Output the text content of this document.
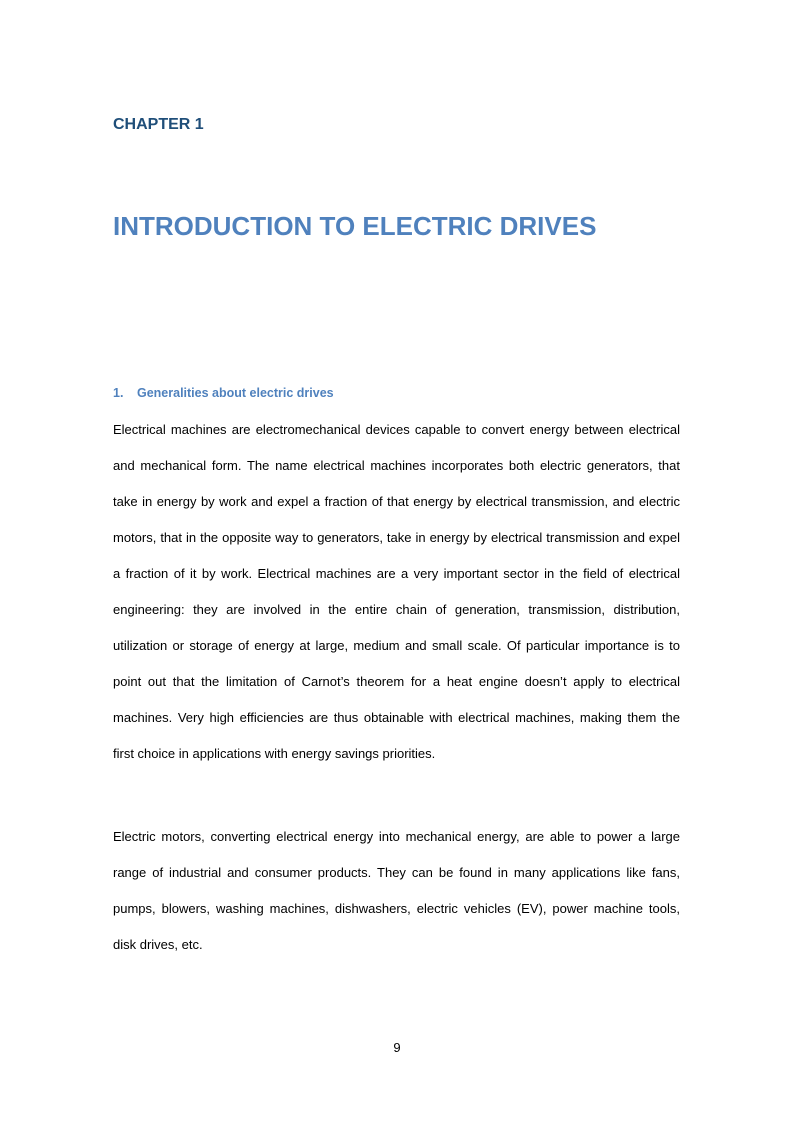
CHAPTER 1
INTRODUCTION TO ELECTRIC DRIVES
1. Generalities about electric drives

Electrical machines are electromechanical devices capable to convert energy between electrical and mechanical form. The name electrical machines incorporates both electric generators, that take in energy by work and expel a fraction of that energy by electrical transmission, and electric motors, that in the opposite way to generators, take in energy by electrical transmission and expel a fraction of it by work. Electrical machines are a very important sector in the field of electrical engineering: they are involved in the entire chain of generation, transmission, distribution, utilization or storage of energy at large, medium and small scale. Of particular importance is to point out that the limitation of Carnot’s theorem for a heat engine doesn’t apply to electrical machines. Very high efficiencies are thus obtainable with electrical machines, making them the first choice in applications with energy savings priorities.

Electric motors, converting electrical energy into mechanical energy, are able to power a large range of industrial and consumer products. They can be found in many applications like fans, pumps, blowers, washing machines, dishwashers, electric vehicles (EV), power machine tools, disk drives, etc.

9
